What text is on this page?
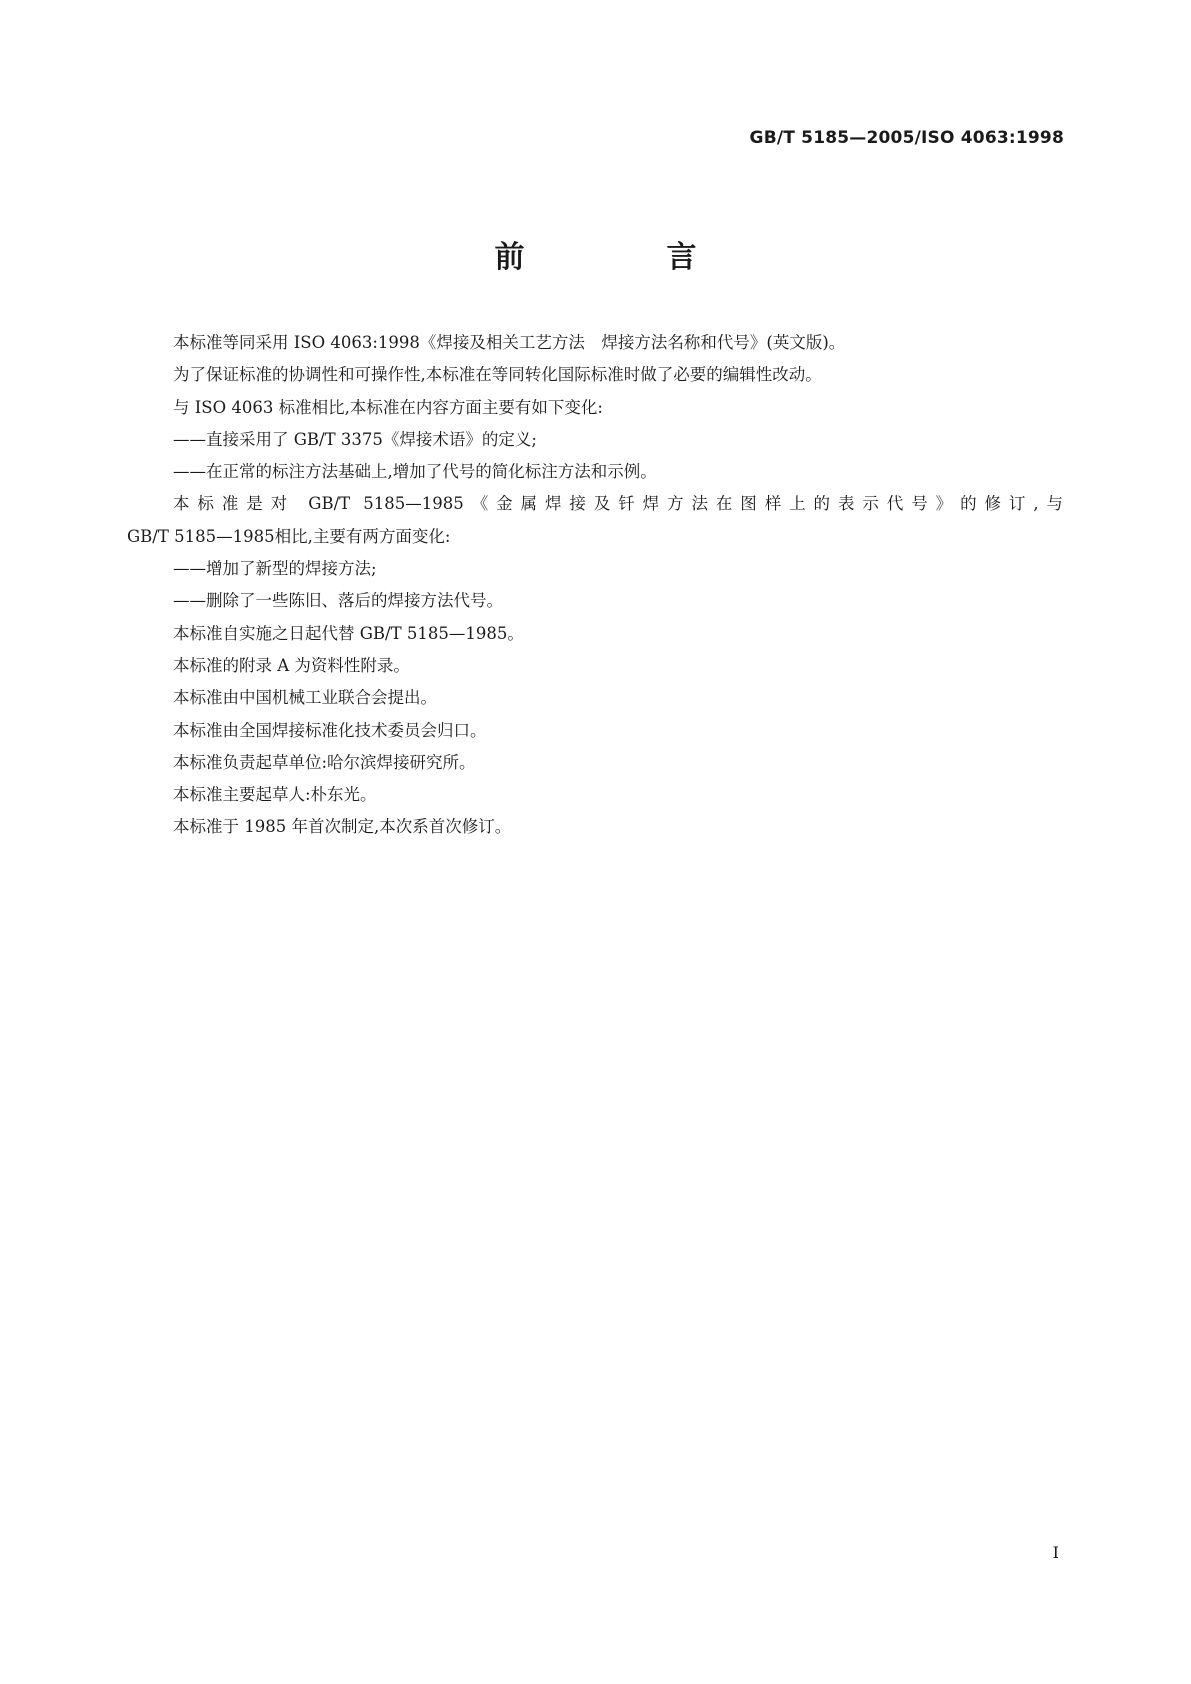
GB/T 5185—2005/ISO 4063:1998
前　言

本标准等同采用 ISO 4063:1998《焊接及相关工艺方法　焊接方法名称和代号》(英文版)。

为了保证标准的协调性和可操作性,本标准在等同转化国际标准时做了必要的编辑性改动。

与 ISO 4063 标准相比,本标准在内容方面主要有如下变化:

——直接采用了 GB/T 3375《焊接术语》的定义;

——在正常的标注方法基础上,增加了代号的简化标注方法和示例。

本标准是对 GB/T 5185—1985《金属焊接及钎焊方法在图样上的表示代号》的修订,与

GB/T 5185—1985相比,主要有两方面变化:

——增加了新型的焊接方法;

——删除了一些陈旧、落后的焊接方法代号。

本标准自实施之日起代替 GB/T 5185—1985。

本标准的附录 A 为资料性附录。

本标准由中国机械工业联合会提出。

本标准由全国焊接标准化技术委员会归口。

本标准负责起草单位:哈尔滨焊接研究所。

本标准主要起草人:朴东光。

本标准于 1985 年首次制定,本次系首次修订。

I
